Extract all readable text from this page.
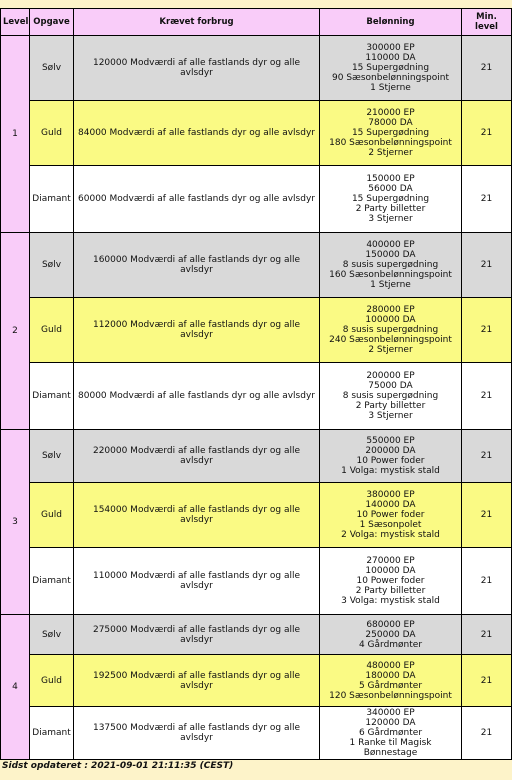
Level	Opgave	Krævet forbrug	Belønning	Min. level
1	Sølv	120000 Modværdi af alle fastlands dyr og alle avlsdyr	300000 EP
110000 DA
15 Supergødning
90 Sæsonbelønningspoint
1 Stjerne	21
	Guld	84000 Modværdi af alle fastlands dyr og alle avlsdyr	210000 EP
78000 DA
15 Supergødning
180 Sæsonbelønningspoint
2 Stjerner	21
	Diamant	60000 Modværdi af alle fastlands dyr og alle avlsdyr	150000 EP
56000 DA
15 Supergødning
2 Party billetter
3 Stjerner	21
2	Sølv	160000 Modværdi af alle fastlands dyr og alle avlsdyr	400000 EP
150000 DA
8 susis supergødning
160 Sæsonbelønningspoint
1 Stjerne	21
	Guld	112000 Modværdi af alle fastlands dyr og alle avlsdyr	280000 EP
100000 DA
8 susis supergødning
240 Sæsonbelønningspoint
2 Stjerner	21
	Diamant	80000 Modværdi af alle fastlands dyr og alle avlsdyr	200000 EP
75000 DA
8 susis supergødning
2 Party billetter
3 Stjerner	21
3	Sølv	220000 Modværdi af alle fastlands dyr og alle avlsdyr	550000 EP
200000 DA
10 Power foder
1 Volga: mystisk stald	21
	Guld	154000 Modværdi af alle fastlands dyr og alle avlsdyr	380000 EP
140000 DA
10 Power foder
1 Sæsonpolet
2 Volga: mystisk stald	21
	Diamant	110000 Modværdi af alle fastlands dyr og alle avlsdyr	270000 EP
100000 DA
10 Power foder
2 Party billetter
3 Volga: mystisk stald	21
4	Sølv	275000 Modværdi af alle fastlands dyr og alle avlsdyr	680000 EP
250000 DA
4 Gårdmønter	21
	Guld	192500 Modværdi af alle fastlands dyr og alle avlsdyr	480000 EP
180000 DA
5 Gårdmønter
120 Sæsonbelønningspoint	21
	Diamant	137500 Modværdi af alle fastlands dyr og alle avlsdyr	340000 EP
120000 DA
6 Gårdmønter
1 Ranke til Magisk
Bønnestage	21
Sidst opdateret : 2021-09-01 21:11:35 (CEST)
